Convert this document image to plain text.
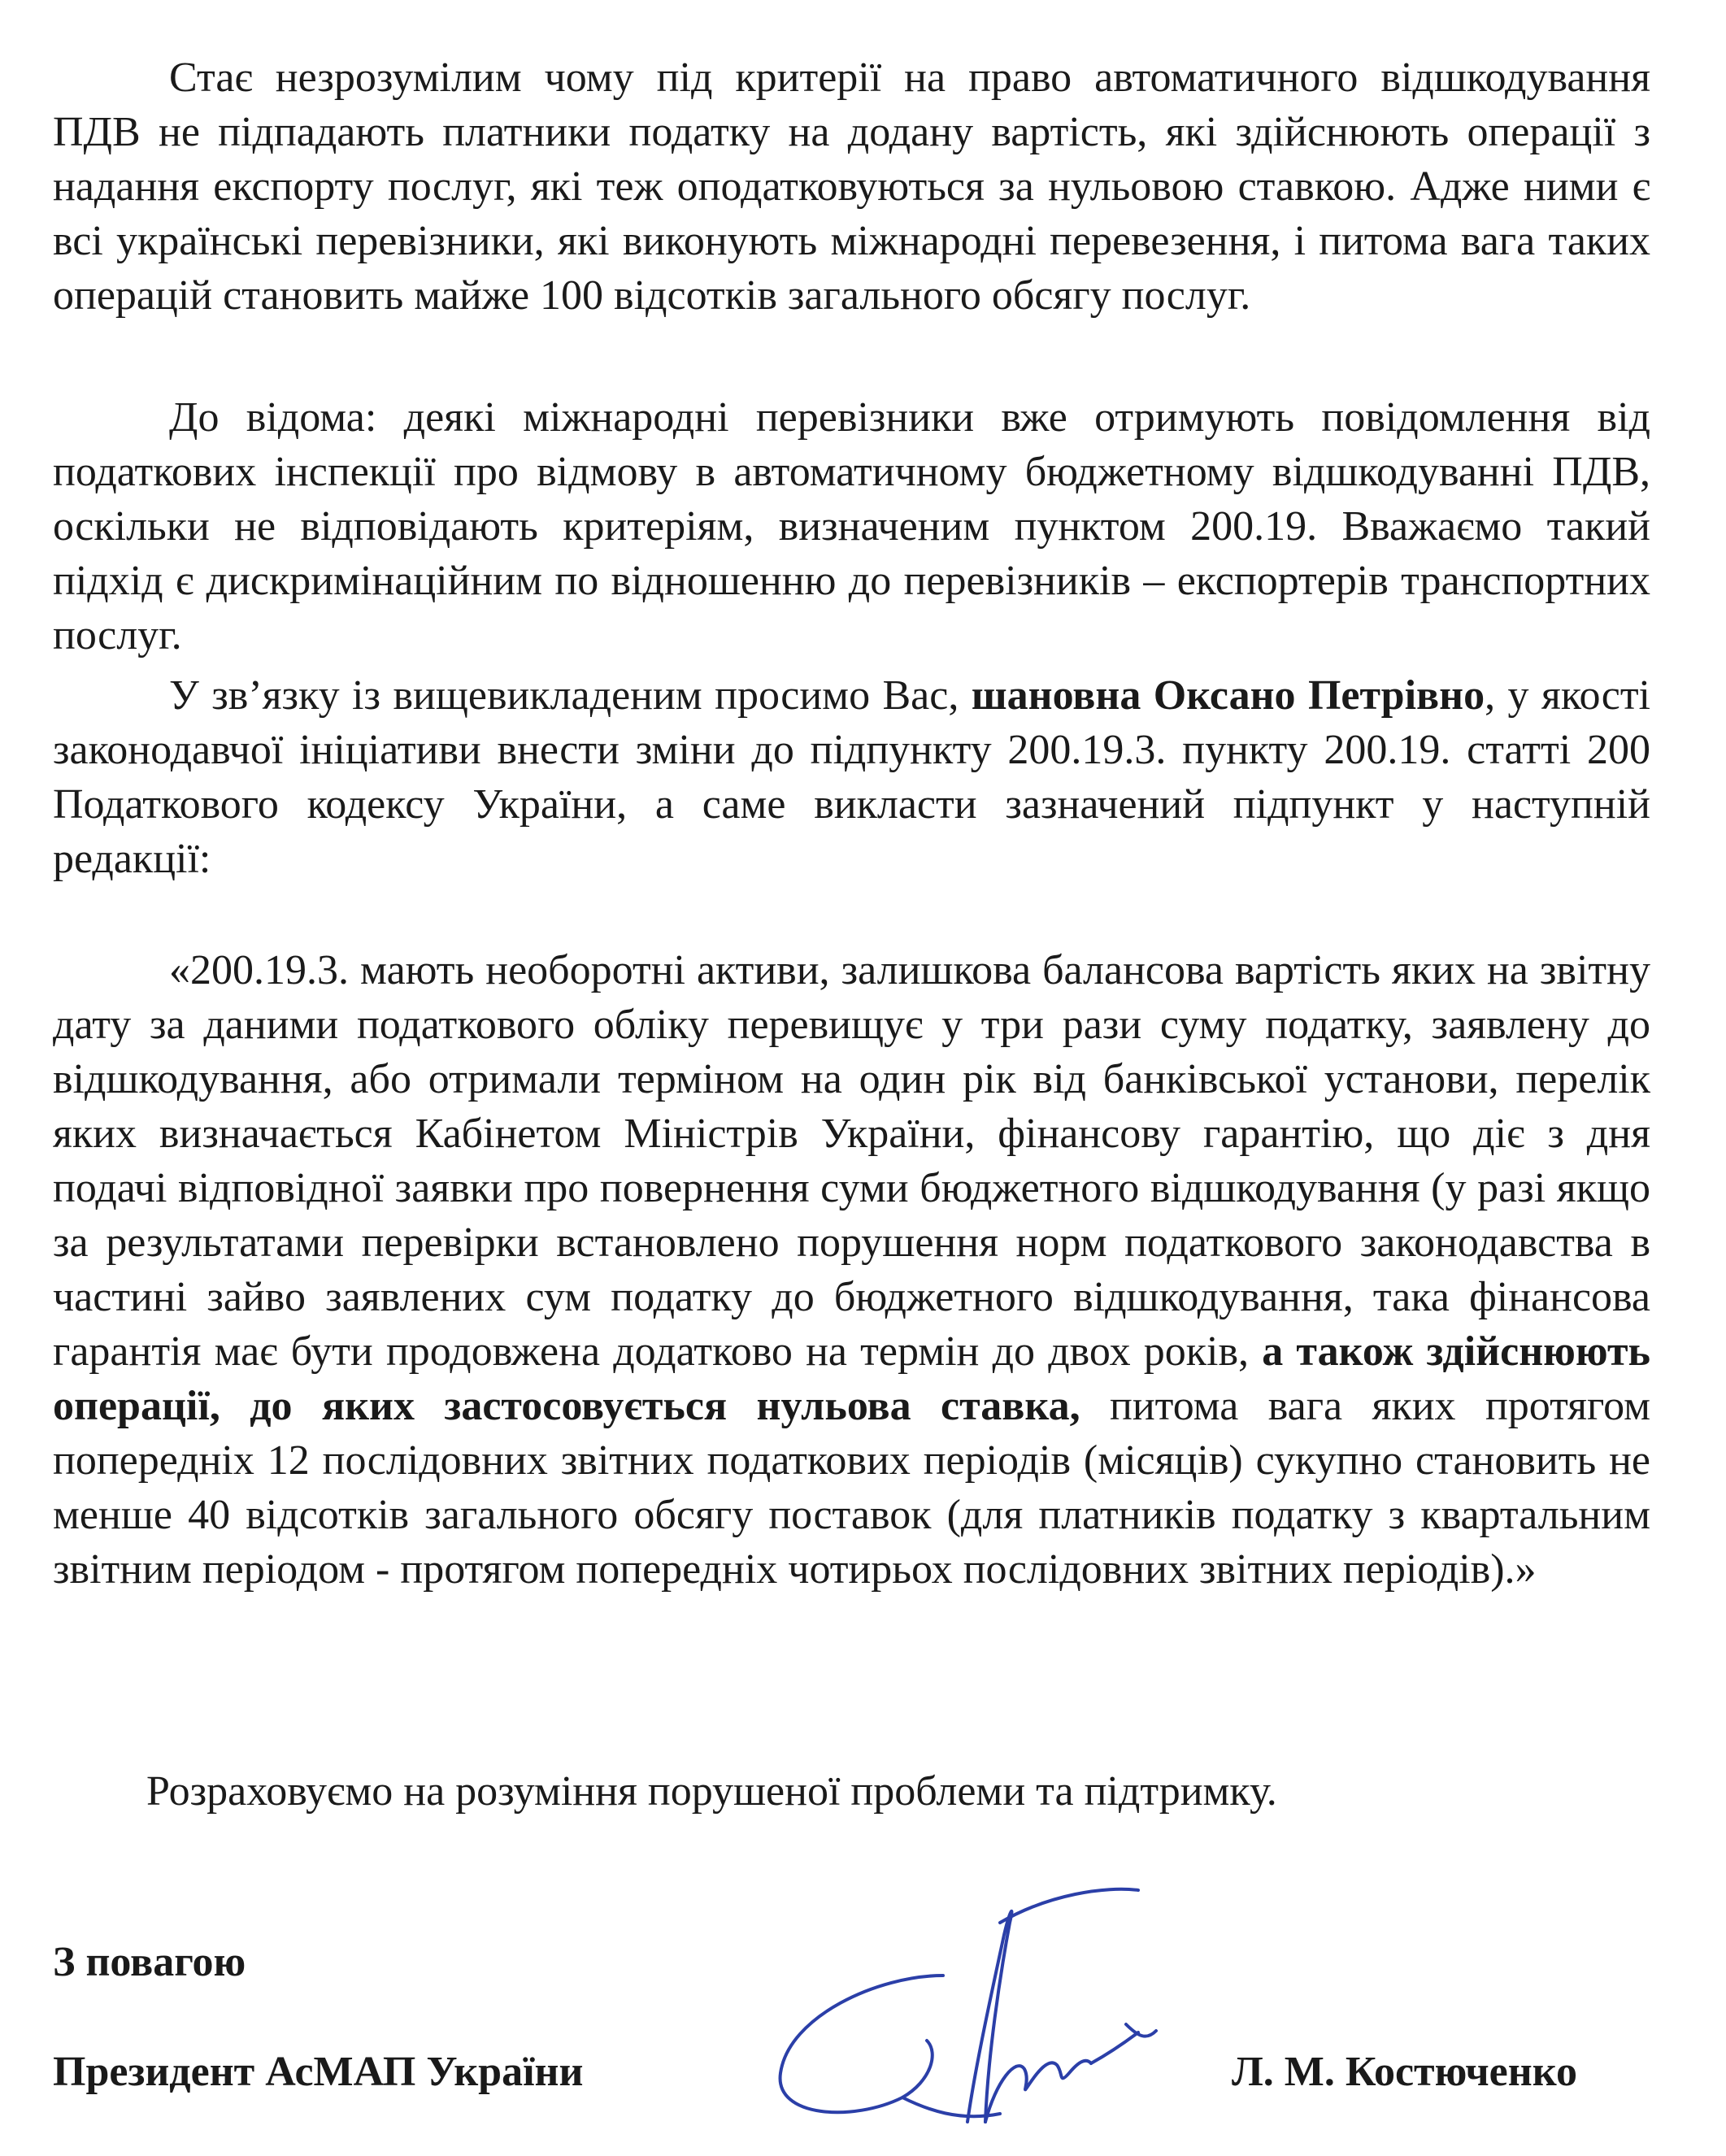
Стає незрозумілим чому під критерії на право автоматичного відшкодування ПДВ не підпадають платники податку на додану вартість, які здійснюють операції з надання експорту послуг, які теж оподатковуються за нульовою ставкою. Адже ними є всі українські перевізники, які виконують міжнародні перевезення, і питома вага таких операцій становить майже 100 відсотків загального обсягу послуг.

До відома: деякі міжнародні перевізники вже отримують повідомлення від податкових інспекції про відмову в автоматичному бюджетному відшкодуванні ПДВ, оскільки не відповідають критеріям, визначеним пунктом 200.19. Вважаємо такий підхід є дискримінаційним по відношенню до перевізників – експортерів транспортних послуг.

У зв’язку із вищевикладеним просимо Вас, шановна Оксано Петрівно, у якості законодавчої ініціативи внести зміни до підпункту 200.19.3. пункту 200.19. статті 200 Податкового кодексу України, а саме викласти зазначений підпункт у наступній редакції:

«200.19.3. мають необоротні активи, залишкова балансова вартість яких на звітну дату за даними податкового обліку перевищує у три рази суму податку, заявлену до відшкодування, або отримали терміном на один рік від банківської установи, перелік яких визначається Кабінетом Міністрів України, фінансову гарантію, що діє з дня подачі відповідної заявки про повернення суми бюджетного відшкодування (у разі якщо за результатами перевірки встановлено порушення норм податкового законодавства в частині зайво заявлених сум податку до бюджетного відшкодування, така фінансова гарантія має бути продовжена додатково на термін до двох років, а також здійснюють операції, до яких застосовується нульова ставка, питома вага яких протягом попередніх 12 послідовних звітних податкових періодів (місяців) сукупно становить не менше 40 відсотків загального обсягу поставок (для платників податку з квартальним звітним періодом - протягом попередніх чотирьох послідовних звітних періодів).»

Розраховуємо на розуміння порушеної проблеми та підтримку.
З повагою
Президент АсМАП України	Л. М. Костюченко
